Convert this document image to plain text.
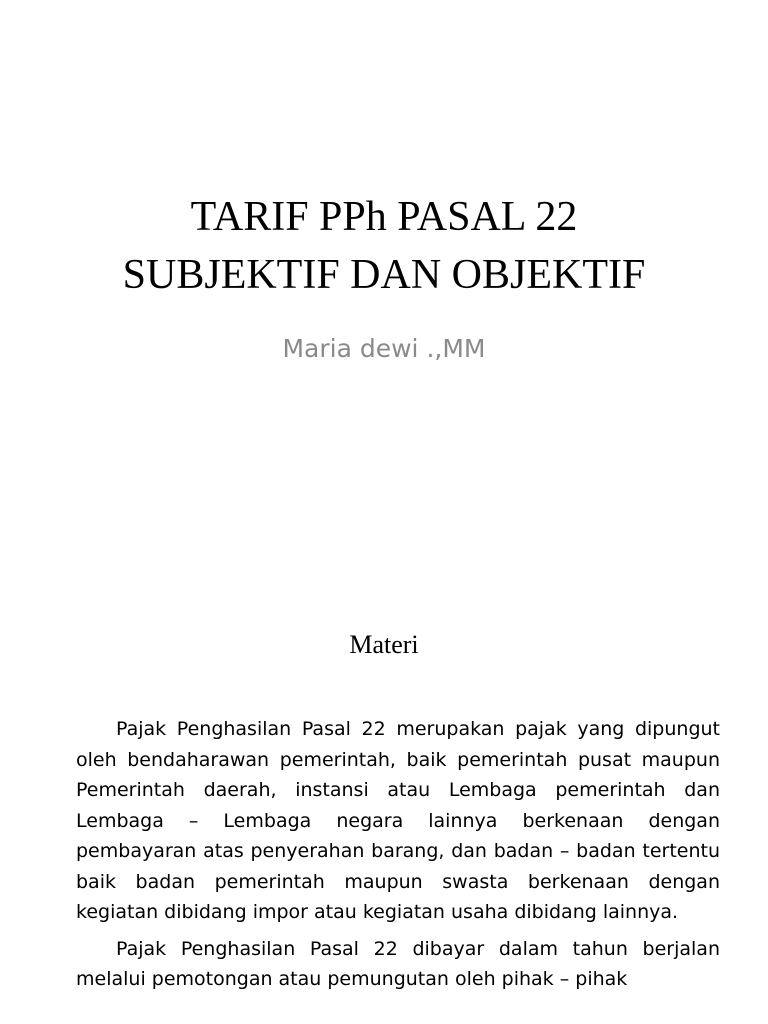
TARIF PPh PASAL 22
SUBJEKTIF DAN OBJEKTIF
Maria dewi .,MM
Materi

Pajak Penghasilan Pasal 22 merupakan pajak yang dipungut oleh bendaharawan pemerintah, baik pemerintah pusat maupun Pemerintah daerah, instansi atau Lembaga pemerintah dan Lembaga – Lembaga negara lainnya berkenaan dengan pembayaran atas penyerahan barang, dan badan – badan tertentu baik badan pemerintah maupun swasta berkenaan dengan kegiatan dibidang impor atau kegiatan usaha dibidang lainnya.

Pajak Penghasilan Pasal 22 dibayar dalam tahun berjalan melalui pemotongan atau pemungutan oleh pihak – pihak
